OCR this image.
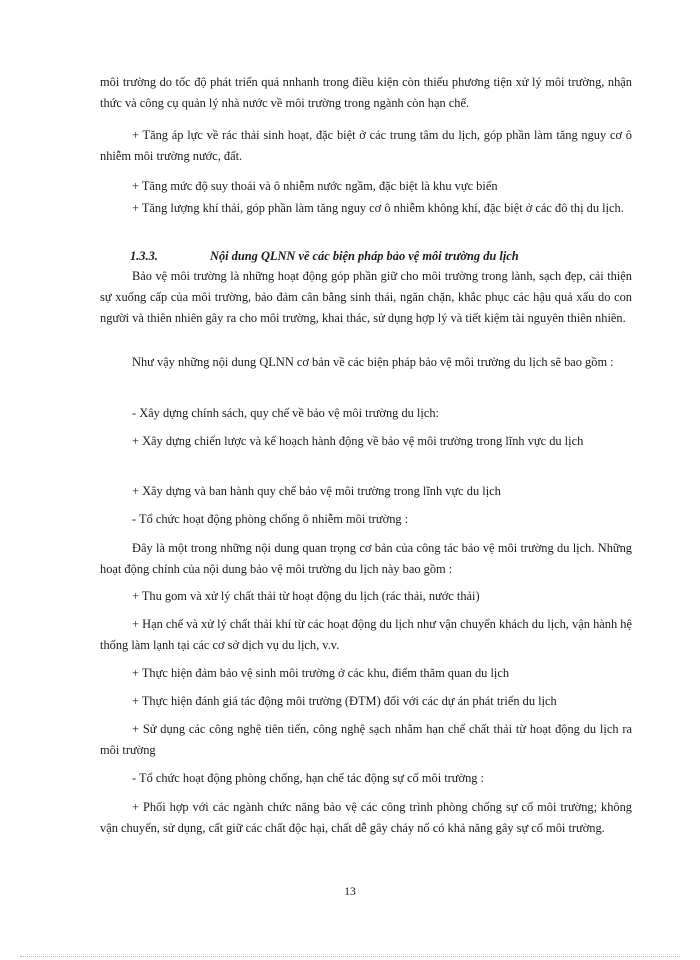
môi trường do tốc độ phát triển quá nnhanh trong điều kiện còn thiếu phương tiện xử lý môi trường, nhận thức và công cụ quản lý nhà nước về môi trường trong ngành còn hạn chế.

+ Tăng áp lực về rác thải sinh hoạt, đặc biệt ở các trung tâm du lịch, góp phần làm tăng nguy cơ ô nhiễm môi trường nước, đất.

+ Tăng mức độ suy thoái và ô nhiễm nước ngầm, đặc biệt là khu vực biển

+ Tăng lượng khí thải, góp phần làm tăng nguy cơ ô nhiễm không khí, đặc biệt ở các đô thị du lịch.

1.3.3.	Nội dung QLNN về các biện pháp bảo vệ môi trường du lịch

Bảo vệ môi trường là những hoạt động góp phần giữ cho môi trường trong lành, sạch đẹp, cải thiện sự xuống cấp của môi trường, bảo đảm cân bằng sinh thái, ngăn chặn, khắc phục các hậu quả xấu do con người và thiên nhiên gây ra cho môi trường, khai thác, sử dụng hợp lý và tiết kiệm tài nguyên thiên nhiên.

Như vậy những nội dung QLNN cơ bản về các biện pháp bảo vệ môi trường du lịch sẽ bao gồm :

- Xây dựng chính sách, quy chế về bảo vệ môi trường du lịch:

+ Xây dựng chiến lược và kế hoạch hành động về bảo vệ môi trường trong lĩnh vực du lịch

+ Xây dựng và ban hành quy chế bảo vệ môi trường trong lĩnh vực du lịch

- Tổ chức hoạt động phòng chống ô nhiễm môi trường :

Đây là một trong những nội dung quan trọng cơ bản của công tác bảo vệ môi trường du lịch. Những hoạt động chính của nội dung bảo vệ môi trường du lịch này bao gồm :

+ Thu gom và xử lý chất thải từ hoạt động du lịch (rác thải, nước thải)

+ Hạn chế và xử lý chất thải khí từ các hoạt động du lịch như vận chuyển khách du lịch, vận hành hệ thống làm lạnh tại các cơ sở dịch vụ du lịch, v.v.

+ Thực hiện đảm bảo vệ sinh môi trường ở các khu, điểm thăm quan du lịch

+ Thực hiện đánh giá tác động môi trường (ĐTM) đối với các dự án phát triển du lịch

+ Sử dụng các công nghệ tiên tiến, công nghệ sạch nhằm hạn chế chất thải từ hoạt động du lịch ra môi trường

- Tổ chức hoạt động phòng chống, hạn chế tác động sự cố môi trường :

+ Phối hợp với các ngành chức năng bảo vệ các công trình phòng chống sự cố môi trường; không vận chuyển, sử dụng, cất giữ các chất độc hại, chất dễ gây cháy nổ có khả năng gây sự cố môi trường.

13
